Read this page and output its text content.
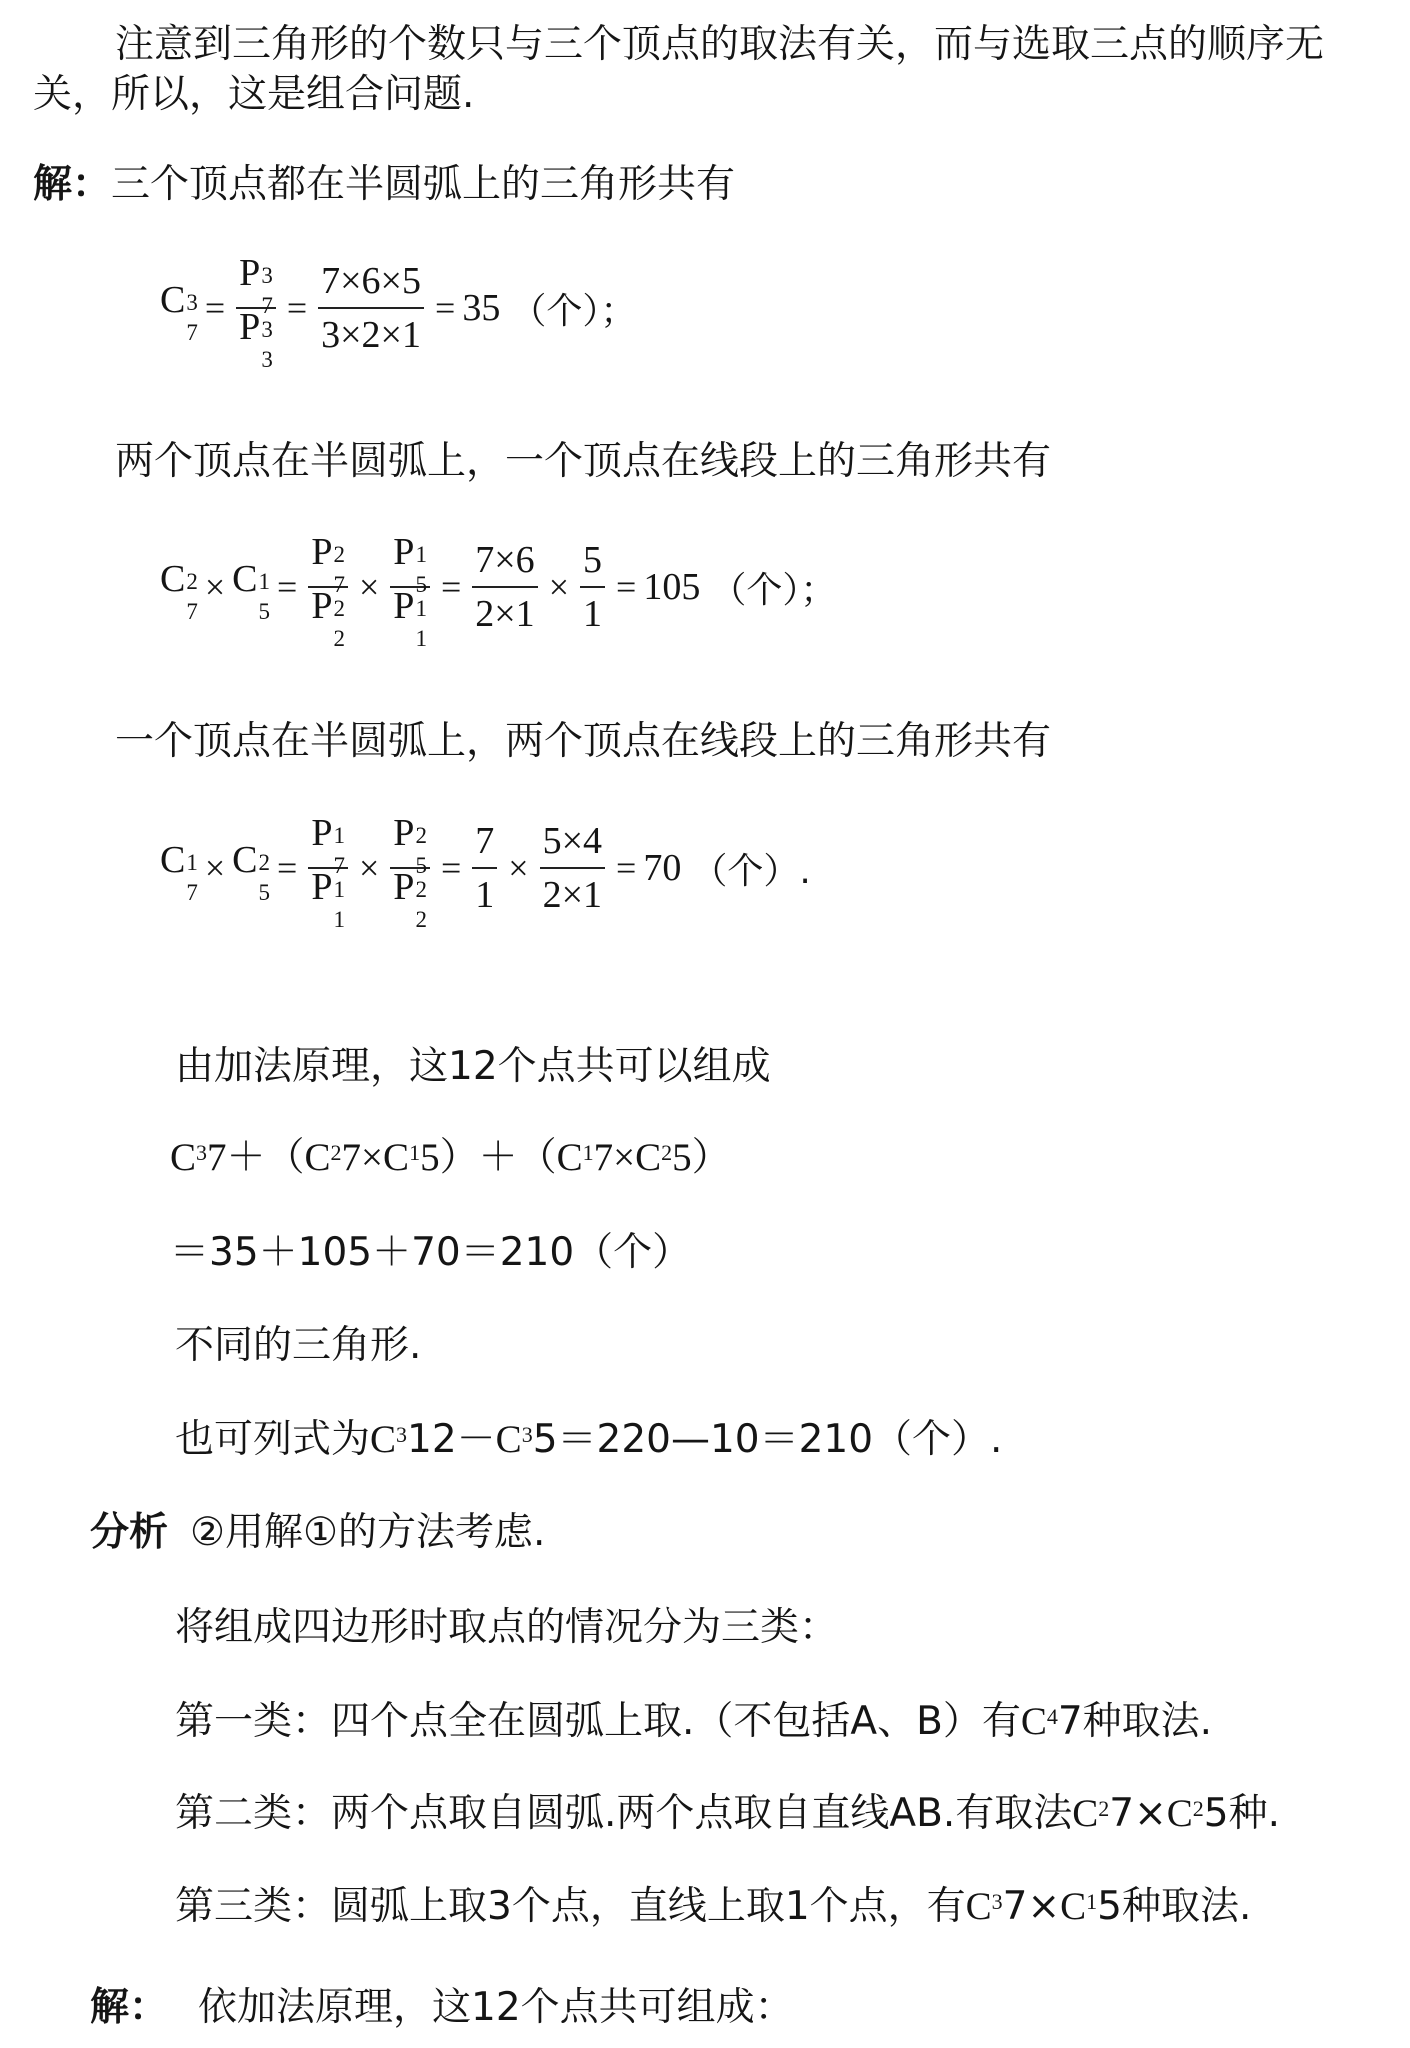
注意到三角形的个数只与三个顶点的取法有关，而与选取三点的顺序无
关，所以，这是组合问题.
解：三个顶点都在半圆弧上的三角形共有
C 3
7
= P 3
7
P 3
$3 = \frac{7\times 6\times 5}{3\times 2\times 1} = 35$ （个）；
两个顶点在半圆弧上，一个顶点在线段上的三角形共有
C 2
7
× C 1
5
= P 2
7
P 2
2 × P 1
5
P 1
$1 = \frac{7\times 6}{2\times 1} \times \frac{5}{1} = 105$ （个）；
一个顶点在半圆弧上，两个顶点在线段上的三角形共有
C 1
7
× C 2
5
= P 1
7
P 1
1 × P 2
5
P 2
$2 = \frac{7}{1} \times \frac{5\times 4}{2\times 1} = 70$ （个）.
由加法原理，这12个点共可以组成
$C^37+(C^27\times C^15)+(C^17\times C^25)$
＝35＋105＋70＝210（个）
不同的三角形.
也可列式为$C^312-C^35=220—10=210$（个）.
分析 ②用解①的方法考虑.
将组成四边形时取点的情况分为三类：
第一类：四个点全在圆弧上取.（不包括A、B）有$C^47$种取法.
第二类：两个点取自圆弧.两个点取自直线AB.有取法$C^27\times C^25$种.
第三类：圆弧上取3个点，直线上取1个点，有$C^37\times C^15$种取法.
解： 依加法原理，这12个点共可组成：
